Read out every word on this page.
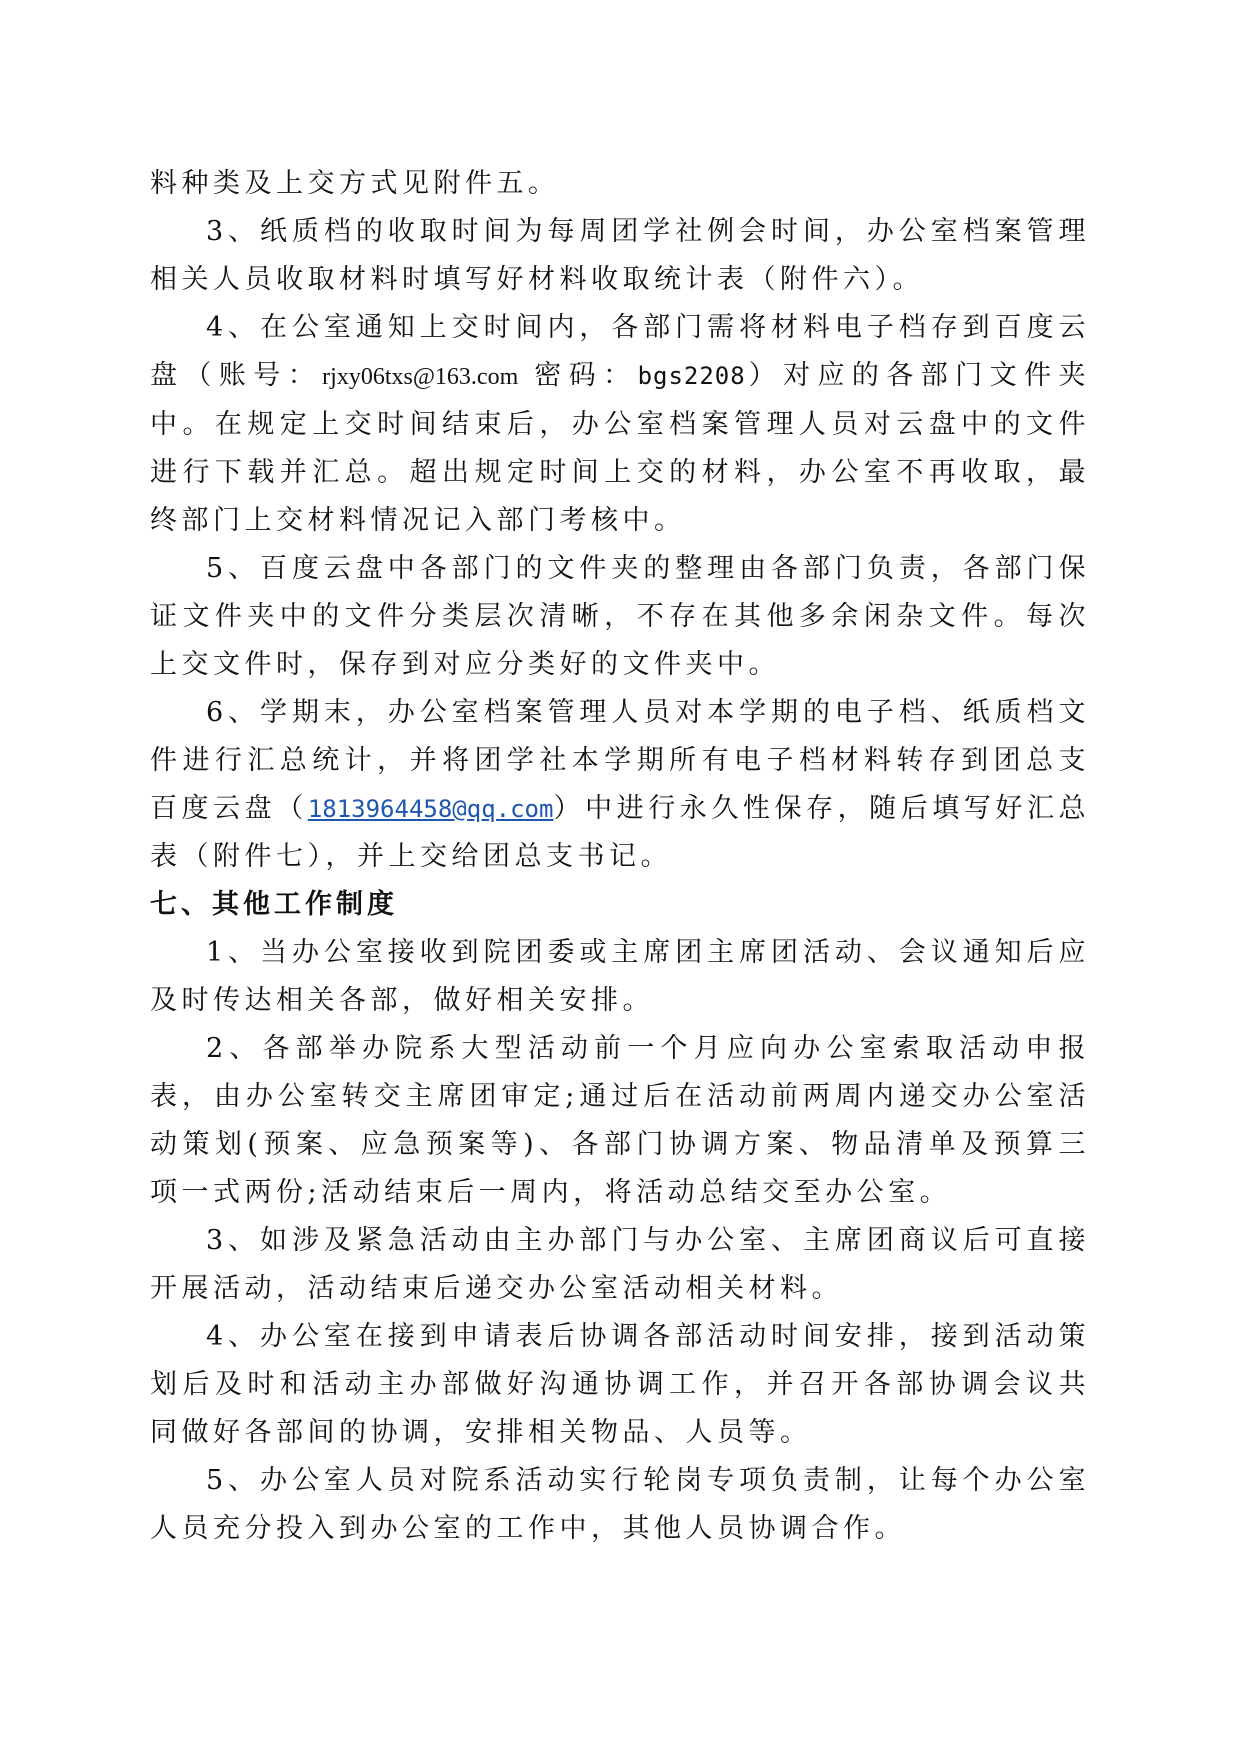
料种类及上交方式见附件五。

3、纸质档的收取时间为每周团学社例会时间，办公室档案管理相关人员收取材料时填写好材料收取统计表（附件六）。

4、在公室通知上交时间内，各部门需将材料电子档存到百度云盘（账号：rjxy06txs@163.com 密码：bgs2208）对应的各部门文件夹中。在规定上交时间结束后，办公室档案管理人员对云盘中的文件进行下载并汇总。超出规定时间上交的材料，办公室不再收取，最终部门上交材料情况记入部门考核中。

5、百度云盘中各部门的文件夹的整理由各部门负责，各部门保证文件夹中的文件分类层次清晰，不存在其他多余闲杂文件。每次上交文件时，保存到对应分类好的文件夹中。

6、学期末，办公室档案管理人员对本学期的电子档、纸质档文件进行汇总统计，并将团学社本学期所有电子档材料转存到团总支百度云盘（1813964458@qq.com）中进行永久性保存，随后填写好汇总表（附件七），并上交给团总支书记。

七、其他工作制度

1、当办公室接收到院团委或主席团主席团活动、会议通知后应及时传达相关各部，做好相关安排。

2、各部举办院系大型活动前一个月应向办公室索取活动申报表，由办公室转交主席团审定;通过后在活动前两周内递交办公室活动策划(预案、应急预案等)、各部门协调方案、物品清单及预算三项一式两份;活动结束后一周内，将活动总结交至办公室。

3、如涉及紧急活动由主办部门与办公室、主席团商议后可直接开展活动，活动结束后递交办公室活动相关材料。

4、办公室在接到申请表后协调各部活动时间安排，接到活动策划后及时和活动主办部做好沟通协调工作，并召开各部协调会议共同做好各部间的协调，安排相关物品、人员等。

5、办公室人员对院系活动实行轮岗专项负责制，让每个办公室人员充分投入到办公室的工作中，其他人员协调合作。
